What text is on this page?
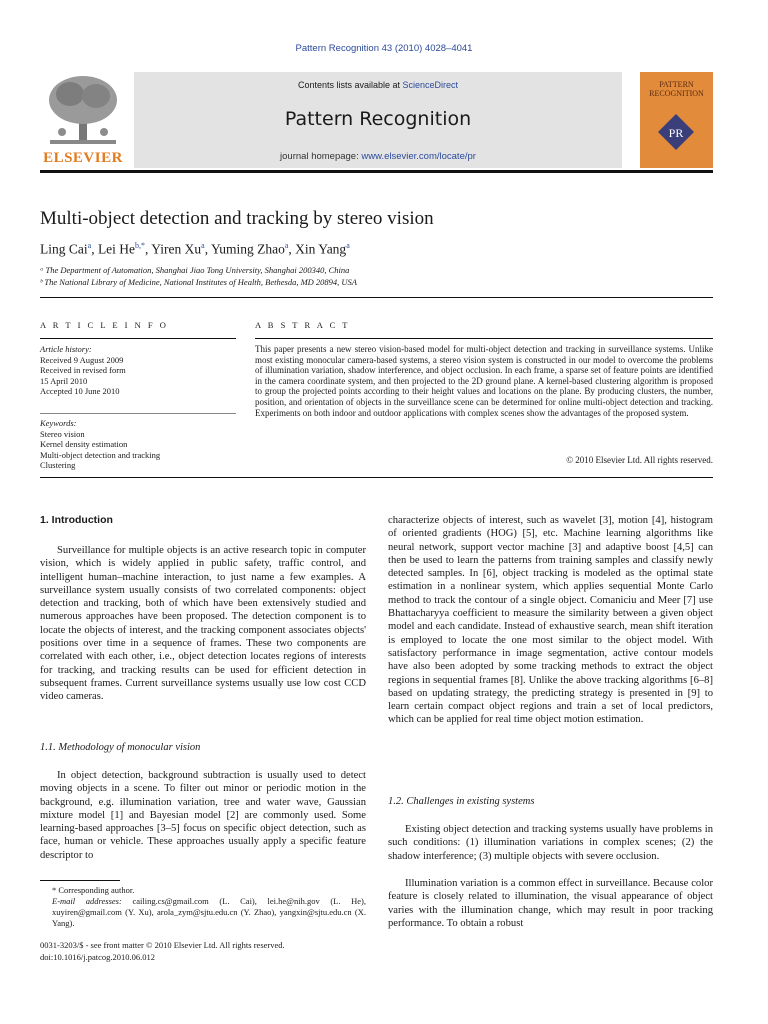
Pattern Recognition 43 (2010) 4028–4041
ELSEVIER
Contents lists available at ScienceDirect
Pattern Recognition
journal homepage: www.elsevier.com/locate/pr
PATTERN
RECOGNITION
PR
Multi-object detection and tracking by stereo vision
Ling Cai$^a$, Lei $He^{b,*}$, Yiren Xu$^a$, Yuming Zhao$^a$, Xin Yang$^a$
ᵃ The Department of Automation, Shanghai Jiao Tong University, Shanghai 200340, China
ᵇ The National Library of Medicine, National Institutes of Health, Bethesda, MD 20894, USA
A R T I C L E I N F O	A B S T R A C T
Article history:
Received 9 August 2009
Received in revised form
15 April 2010
Accepted 10 June 2010
Keywords:
Stereo vision
Kernel density estimation
Multi-object detection and tracking
Clustering
This paper presents a new stereo vision-based model for multi-object detection and tracking in surveillance systems. Unlike most existing monocular camera-based systems, a stereo vision system is constructed in our model to overcome the problems of illumination variation, shadow interference, and object occlusion. In each frame, a sparse set of feature points are identified in the camera coordinate system, and then projected to the 2D ground plane. A kernel-based clustering algorithm is proposed to group the projected points according to their height values and locations on the plane. By producing clusters, the number, position, and orientation of objects in the surveillance scene can be determined for online multi-object detection and tracking. Experiments on both indoor and outdoor applications with complex scenes show the advantages of the proposed system.
© 2010 Elsevier Ltd. All rights reserved.
1. Introduction
Surveillance for multiple objects is an active research topic in computer vision, which is widely applied in public safety, traffic control, and intelligent human–machine interaction, to just name a few examples. A surveillance system usually consists of two correlated components: object detection and tracking, both of which have been extensively studied and numerous approaches have been proposed. The detection component is to locate the objects of interest, and the tracking component associates objects' positions over time in a sequence of frames. These two components are correlated with each other, i.e., object detection locates regions of interests for tracking, and tracking results can be used for efficient detection in subsequent frames. Current surveillance systems usually use low cost CCD video cameras.
1.1. Methodology of monocular vision
In object detection, background subtraction is usually used to detect moving objects in a scene. To filter out minor or periodic motion in the background, e.g. illumination variation, tree and water wave, Gaussian mixture model [1] and Bayesian model [2] are commonly used. Some learning-based approaches [3–5] focus on specific object detection, such as face, human or vehicle. These approaches usually apply a specific feature descriptor to
* Corresponding author.
E-mail addresses: cailing.cs@gmail.com (L. Cai), lei.he@nih.gov (L. He), xuyiren@gmail.com (Y. Xu), arola_zym@sjtu.edu.cn (Y. Zhao), yangxin@sjtu.edu.cn (X. Yang).
0031-3203/$ - see front matter © 2010 Elsevier Ltd. All rights reserved.
doi:10.1016/j.patcog.2010.06.012
characterize objects of interest, such as wavelet [3], motion [4], histogram of oriented gradients (HOG) [5], etc. Machine learning algorithms like neural network, support vector machine [3] and adaptive boost [4,5] can then be used to learn the patterns from training samples and classify newly detected samples. In [6], object tracking is modeled as the optimal state estimation in a nonlinear system, which applies sequential Monte Carlo method to track the contour of a single object. Comaniciu and Meer [7] use Bhattacharyya coefficient to measure the similarity between a given object model and each candidate. Instead of exhaustive search, mean shift iteration is employed to locate the one most similar to the object model. With satisfactory performance in image segmentation, active contour models have also been adopted by some tracking methods to extract the object regions in sequential frames [8]. Unlike the above tracking algorithms [6–8] based on updating strategy, the predicting strategy is presented in [9] to learn certain compact object regions and train a set of local predictors, which can be applied for real time object motion estimation.
1.2. Challenges in existing systems
Existing object detection and tracking systems usually have problems in such conditions: (1) illumination variations in complex scenes; (2) the shadow interference; (3) multiple objects with severe occlusion.
Illumination variation is a common effect in surveillance. Because color feature is closely related to illumination, the visual appearance of object varies with the illumination change, which may result in poor tracking performance. To obtain a robust
